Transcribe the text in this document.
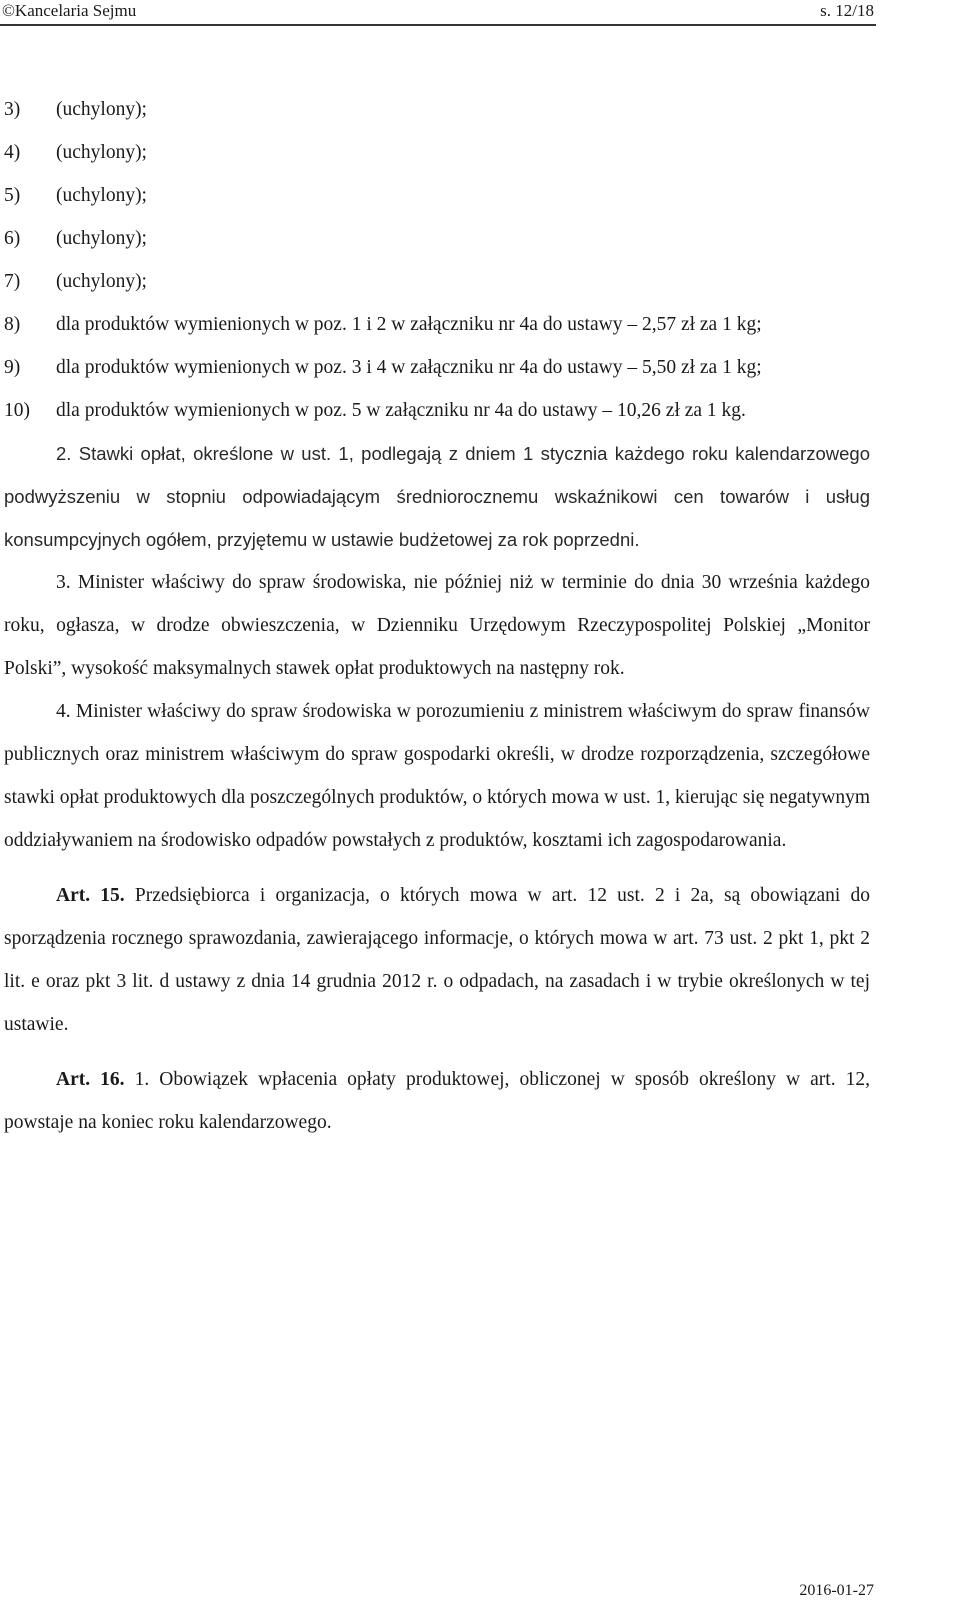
©Kancelaria Sejmu	s. 12/18
3)	(uchylony);
4)	(uchylony);
5)	(uchylony);
6)	(uchylony);
7)	(uchylony);
8)	dla produktów wymienionych w poz. 1 i 2 w załączniku nr 4a do ustawy – 2,57 zł za 1 kg;
9)	dla produktów wymienionych w poz. 3 i 4 w załączniku nr 4a do ustawy – 5,50 zł za 1 kg;
10)	dla produktów wymienionych w poz. 5 w załączniku nr 4a do ustawy – 10,26 zł za 1 kg.

2. Stawki opłat, określone w ust. 1, podlegają z dniem 1 stycznia każdego roku kalendarzowego podwyższeniu w stopniu odpowiadającym średniorocznemu wskaźnikowi cen towarów i usług konsumpcyjnych ogółem, przyjętemu w ustawie budżetowej za rok poprzedni.

3. Minister właściwy do spraw środowiska, nie później niż w terminie do dnia 30 września każdego roku, ogłasza, w drodze obwieszczenia, w Dzienniku Urzędowym Rzeczypospolitej Polskiej „Monitor Polski”, wysokość maksymalnych stawek opłat produktowych na następny rok.

4. Minister właściwy do spraw środowiska w porozumieniu z ministrem właściwym do spraw finansów publicznych oraz ministrem właściwym do spraw gospodarki określi, w drodze rozporządzenia, szczegółowe stawki opłat produktowych dla poszczególnych produktów, o których mowa w ust. 1, kierując się negatywnym oddziaływaniem na środowisko odpadów powstałych z produktów, kosztami ich zagospodarowania.

Art. 15. Przedsiębiorca i organizacja, o których mowa w art. 12 ust. 2 i 2a, są obowiązani do sporządzenia rocznego sprawozdania, zawierającego informacje, o których mowa w art. 73 ust. 2 pkt 1, pkt 2 lit. e oraz pkt 3 lit. d ustawy z dnia 14 grudnia 2012 r. o odpadach, na zasadach i w trybie określonych w tej ustawie.

Art. 16. 1. Obowiązek wpłacenia opłaty produktowej, obliczonej w sposób określony w art. 12, powstaje na koniec roku kalendarzowego.

2016-01-27
